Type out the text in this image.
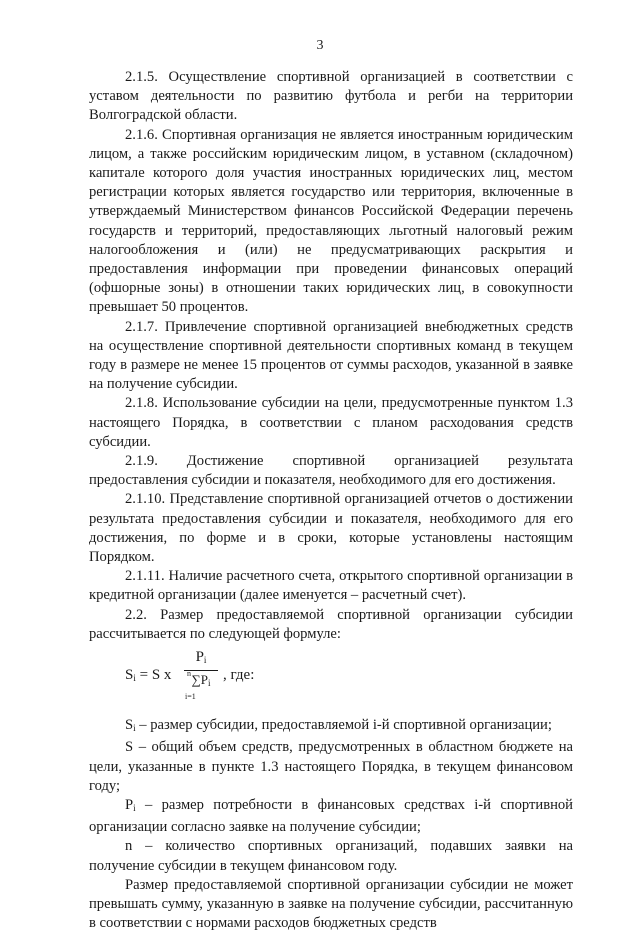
3

2.1.5. Осуществление спортивной организацией в соответствии с уставом деятельности по развитию футбола и регби на территории Волгоградской области.

2.1.6. Спортивная организация не является иностранным юридическим лицом, а также российским юридическим лицом, в уставном (складочном) капитале которого доля участия иностранных юридических лиц, местом регистрации которых является государство или территория, включенные в утверждаемый Министерством финансов Российской Федерации перечень государств и территорий, предоставляющих льготный налоговый режим налогообложения и (или) не предусматривающих раскрытия и предоставления информации при проведении финансовых операций (офшорные зоны) в отношении таких юридических лиц, в совокупности превышает 50 процентов.

2.1.7. Привлечение спортивной организацией внебюджетных средств на осуществление спортивной деятельности спортивных команд в текущем году в размере не менее 15 процентов от суммы расходов, указанной в заявке на получение субсидии.

2.1.8. Использование субсидии на цели, предусмотренные пунктом 1.3 настоящего Порядка, в соответствии с планом расходования средств субсидии.

2.1.9. Достижение спортивной организацией результата предоставления субсидии и показателя, необходимого для его достижения.

2.1.10. Представление спортивной организацией отчетов о достижении результата предоставления субсидии и показателя, необходимого для его достижения, по форме и в сроки, которые установлены настоящим Порядком.

2.1.11. Наличие расчетного счета, открытого спортивной организации в кредитной организации (далее именуется – расчетный счет).

2.2. Размер предоставляемой спортивной организации субсидии рассчитывается по следующей формуле:

$S_i = S$ x
$P_i$
n $\sum P_i$
i=1
, где:

$S_i$ – размер субсидии, предоставляемой i-й спортивной организации;

S – общий объем средств, предусмотренных в областном бюджете на цели, указанные в пункте 1.3 настоящего Порядка, в текущем финансовом году;

$P_i$ – размер потребности в финансовых средствах i-й спортивной организации согласно заявке на получение субсидии;

n – количество спортивных организаций, подавших заявки на получение субсидии в текущем финансовом году.

Размер предоставляемой спортивной организации субсидии не может превышать сумму, указанную в заявке на получение субсидии, рассчитанную в соответствии с нормами расходов бюджетных средств
